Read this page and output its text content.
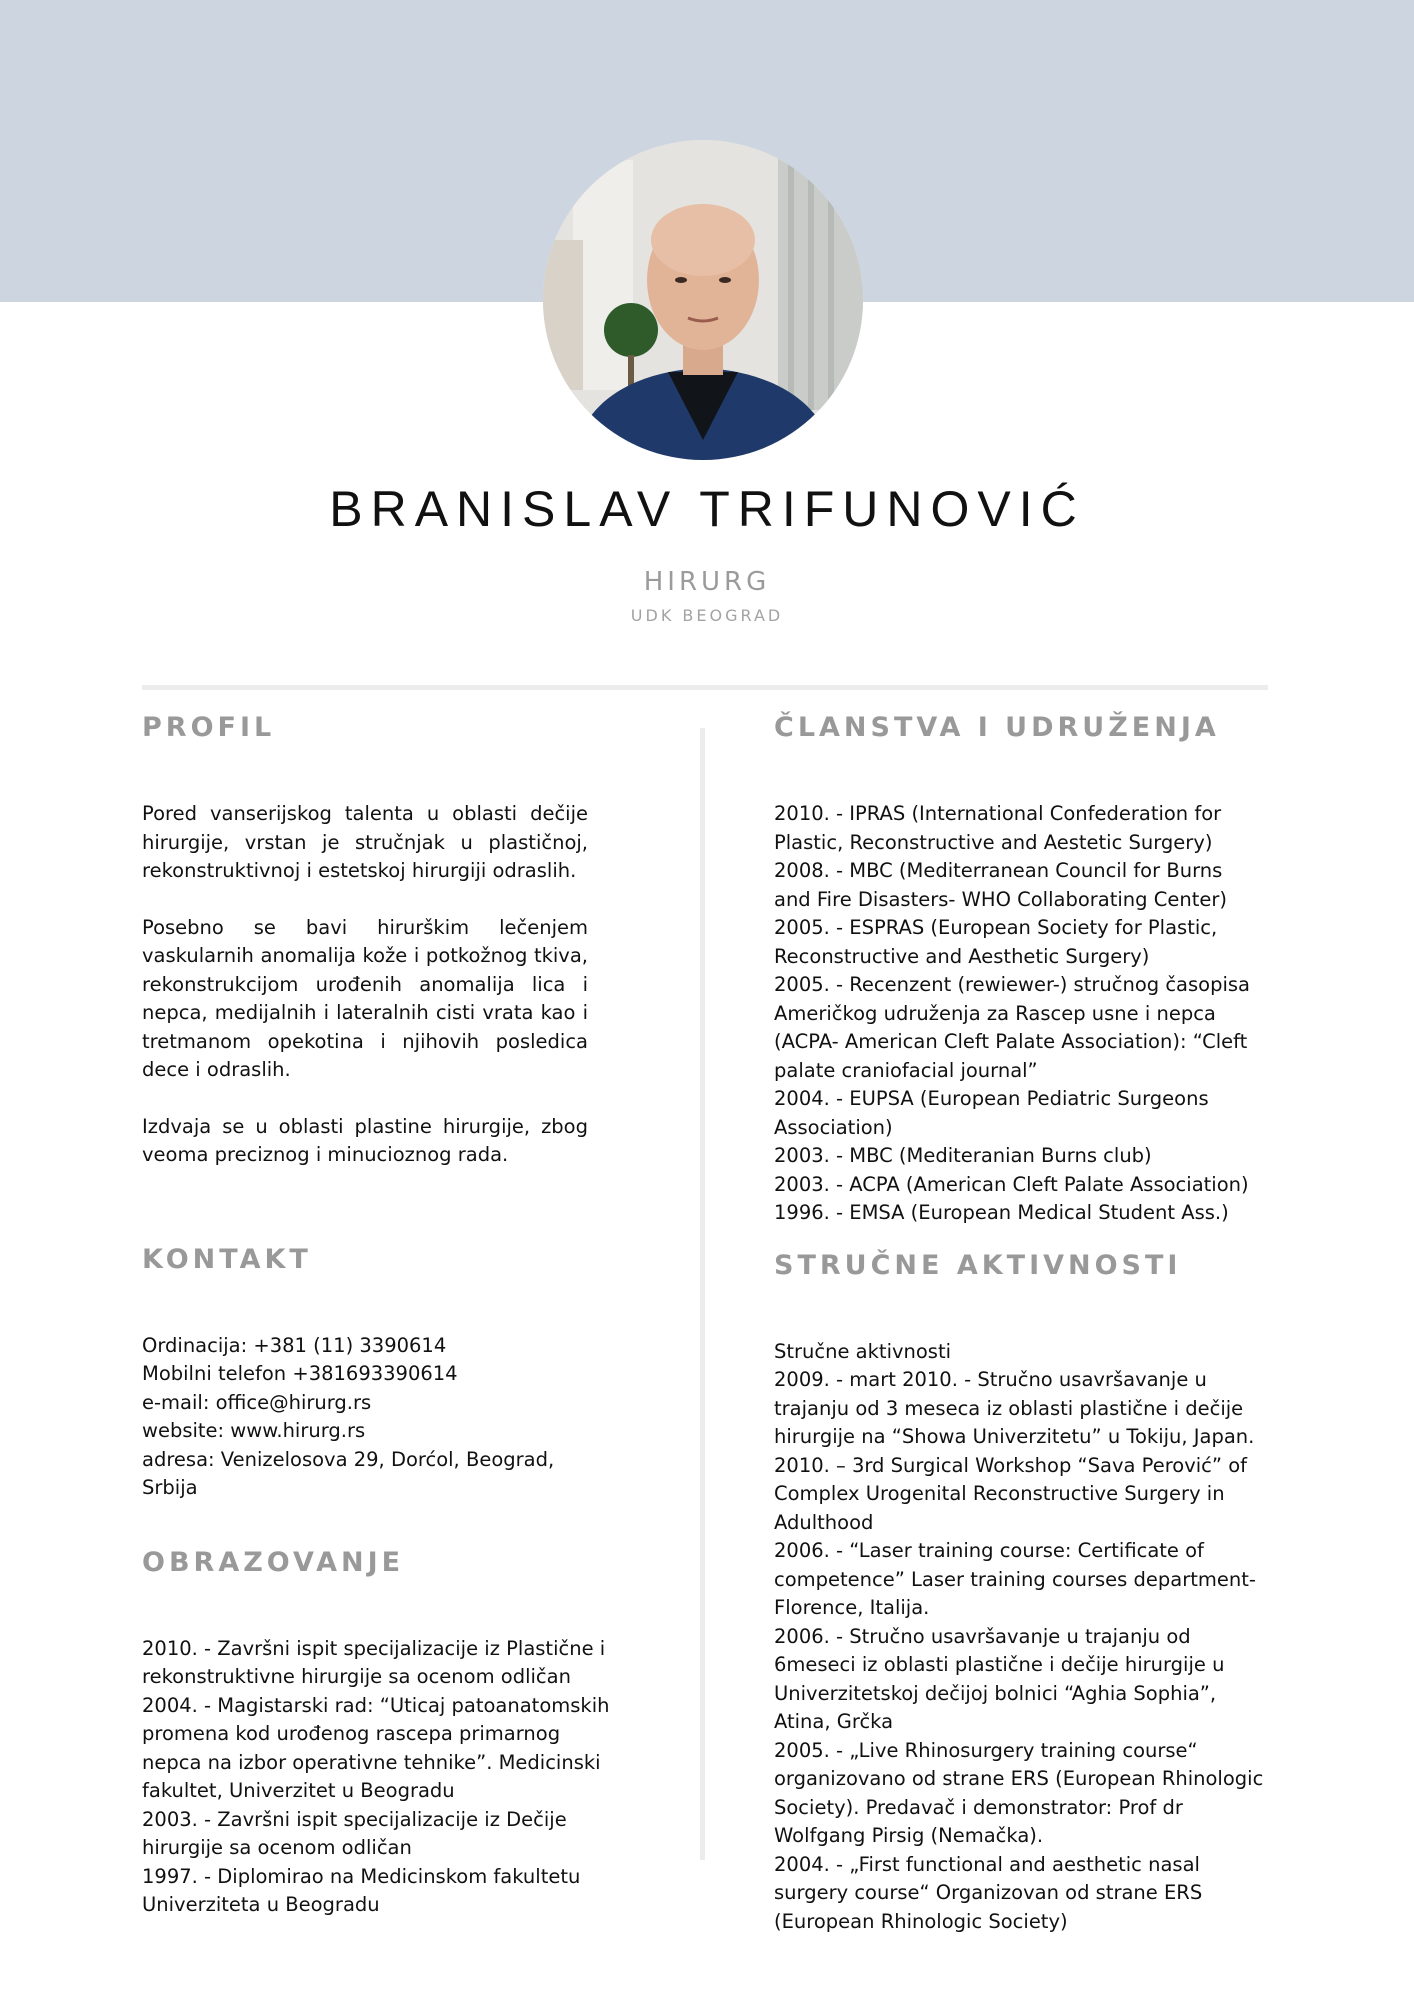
BRANISLAV TRIFUNOVIĆ
HIRURG
UDK BEOGRAD
PROFIL

Pored vanserijskog talenta u oblasti dečije hirurgije, vrstan je stručnjak u plastičnoj, rekonstruktivnoj i estetskoj hirurgiji odraslih.

Posebno se bavi hirurškim lečenjem vaskularnih anomalija kože i potkožnog tkiva, rekonstrukcijom urođenih anomalija lica i nepca, medijalnih i lateralnih cisti vrata kao i tretmanom opekotina i njihovih posledica dece i odraslih.

Izdvaja se u oblasti plastine hirurgije, zbog veoma preciznog i minucioznog rada.

KONTAKT
Ordinacija: +381 (11) 3390614
Mobilni telefon +381693390614
e-mail: office@hirurg.rs
website: www.hirurg.rs
adresa: Venizelosova 29, Dorćol, Beograd, Srbija
OBRAZOVANJE
2010. - Završni ispit specijalizacije iz Plastične i rekonstruktivne hirurgije sa ocenom odličan
2004. - Magistarski rad: “Uticaj patoanatomskih promena kod urođenog rascepa primarnog nepca na izbor operativne tehnike”. Medicinski fakultet, Univerzitet u Beogradu
2003. - Završni ispit specijalizacije iz Dečije hirurgije sa ocenom odličan
1997. - Diplomirao na Medicinskom fakultetu Univerziteta u Beogradu
ČLANSTVA I UDRUŽENJA
2010. - IPRAS (International Confederation for Plastic, Reconstructive and Aestetic Surgery)
2008. - MBC (Mediterranean Council for Burns and Fire Disasters- WHO Collaborating Center)
2005. - ESPRAS (European Society for Plastic, Reconstructive and Aesthetic Surgery)
2005. - Recenzent (rewiewer-) stručnog časopisa Američkog udruženja za Rascep usne i nepca (ACPA- American Cleft Palate Association): “Cleft palate craniofacial journal”
2004. - EUPSA (European Pediatric Surgeons Association)
2003. - MBC (Mediteranian Burns club)
2003. - ACPA (American Cleft Palate Association)
1996. - EMSA (European Medical Student Ass.)
STRUČNE AKTIVNOSTI
Stručne aktivnosti
2009. - mart 2010. - Stručno usavršavanje u trajanju od 3 meseca iz oblasti plastične i dečije hirurgije na “Showa Univerzitetu” u Tokiju, Japan.
2010. – 3rd Surgical Workshop “Sava Perović” of Complex Urogenital Reconstructive Surgery in Adulthood
2006. - “Laser training course: Certificate of competence” Laser training courses department- Florence, Italija.
2006. - Stručno usavršavanje u trajanju od 6meseci iz oblasti plastične i dečije hirurgije u Univerzitetskoj dečijoj bolnici “Aghia Sophia”, Atina, Grčka
2005. - „Live Rhinosurgery training course“ organizovano od strane ERS (European Rhinologic Society). Predavač i demonstrator: Prof dr Wolfgang Pirsig (Nemačka).
2004. - „First functional and aesthetic nasal surgery course“ Organizovan od strane ERS (European Rhinologic Society)
